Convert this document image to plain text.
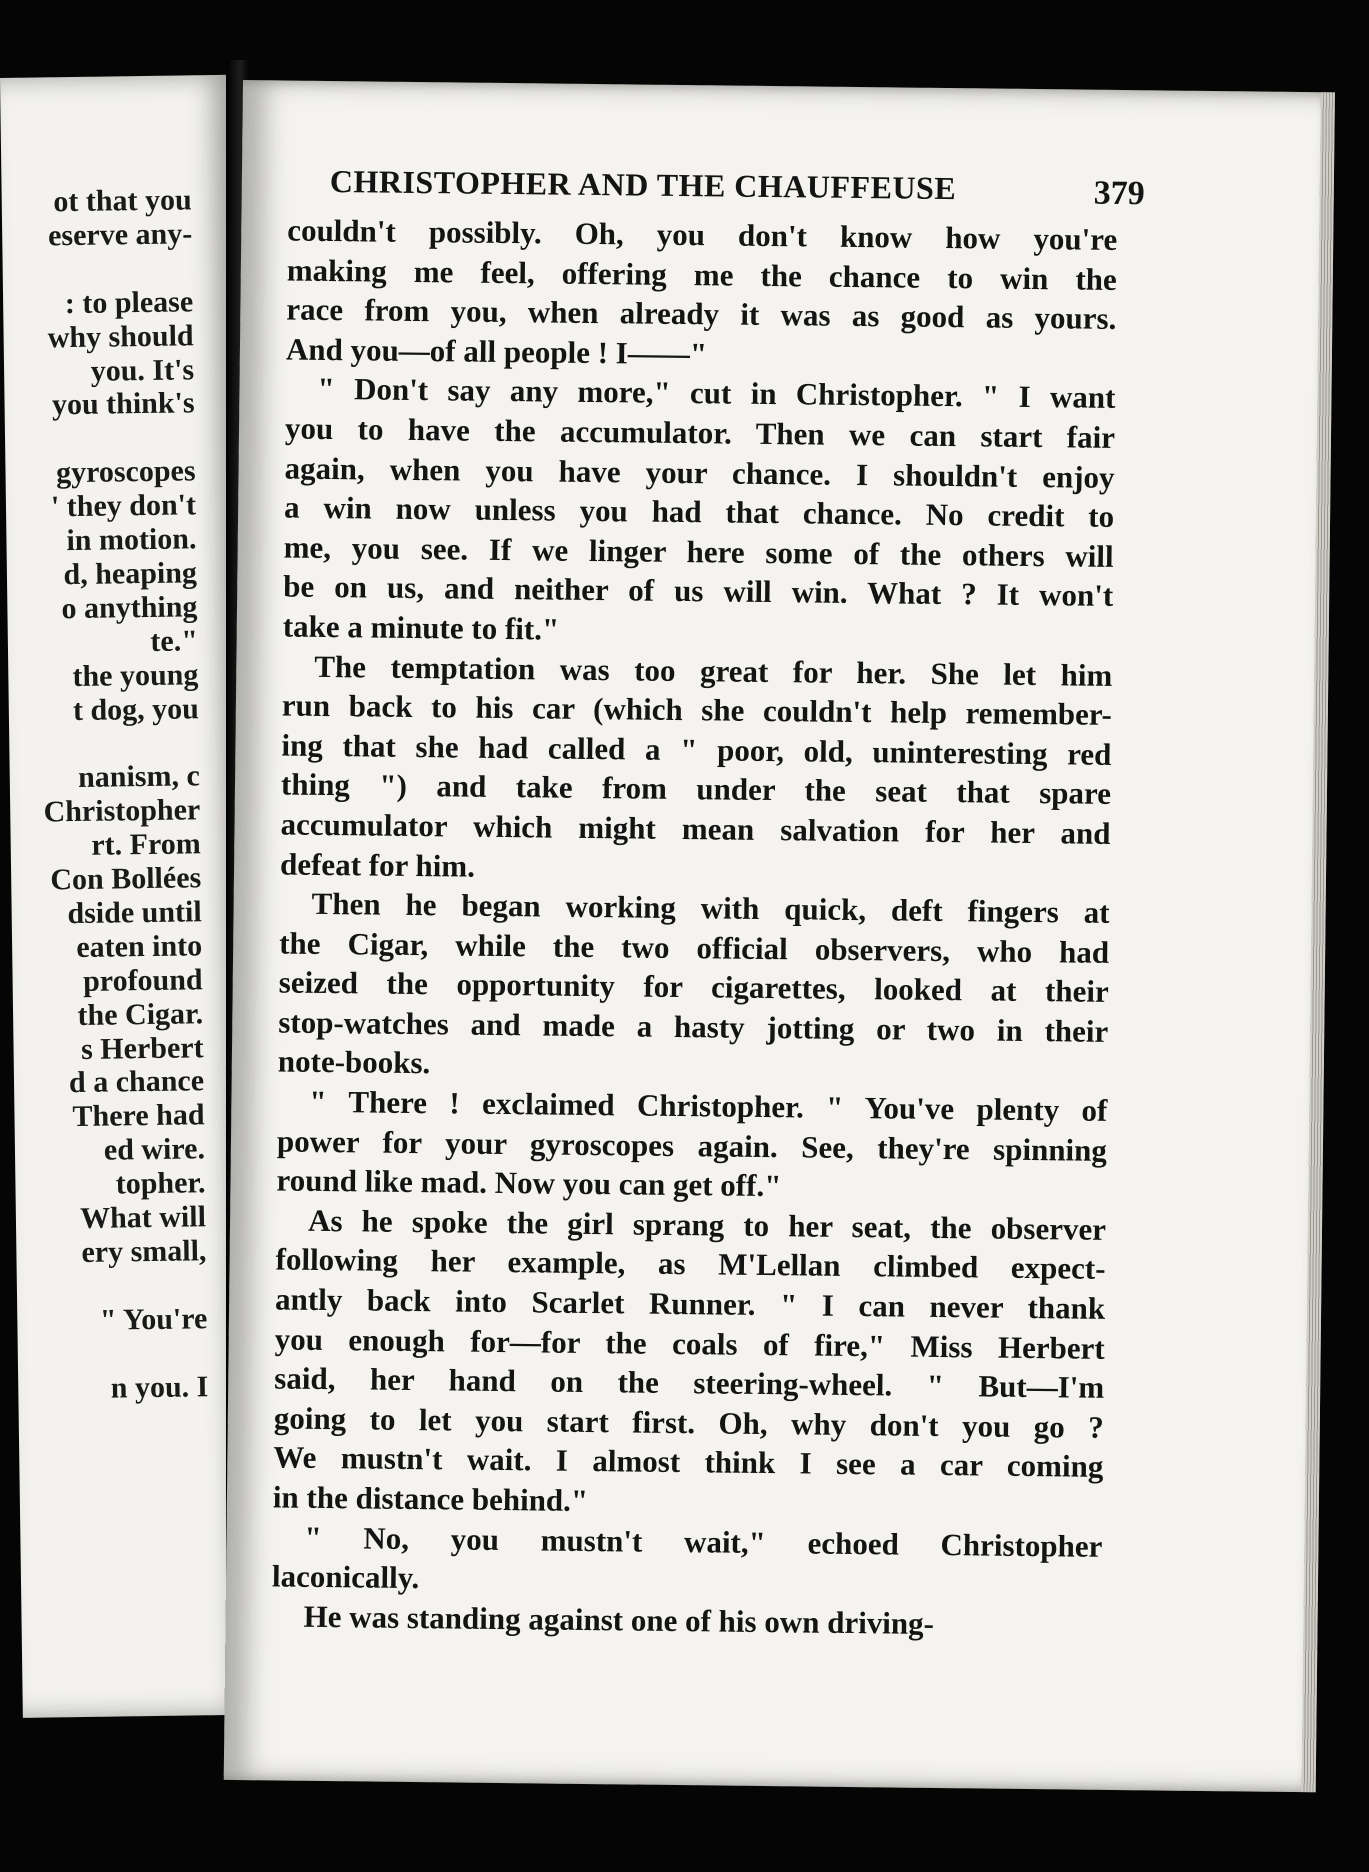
ot that you
eserve any-
: to please
why should
you. It's
you think's
gyroscopes
' they don't
in motion.
d, heaping
o anything
te."
the young
t dog, you
nanism, c
Christopher
rt. From
Con Bollées
dside until
eaten into
profound
the Cigar.
s Herbert
d a chance
There had
ed wire.
topher.
What will
ery small,
" You're
n you. I
CHRISTOPHER AND THE CHAUFFEUSE	379
couldn't possibly. Oh, you don't know how you're
making me feel, offering me the chance to win the
race from you, when already it was as good as yours.
And you—of all people ! I——"
" Don't say any more," cut in Christopher. " I want
you to have the accumulator. Then we can start fair
again, when you have your chance. I shouldn't enjoy
a win now unless you had that chance. No credit to
me, you see. If we linger here some of the others will
be on us, and neither of us will win. What ? It won't
take a minute to fit."
The temptation was too great for her. She let him
run back to his car (which she couldn't help remember-
ing that she had called a " poor, old, uninteresting red
thing ") and take from under the seat that spare
accumulator which might mean salvation for her and
defeat for him.
Then he began working with quick, deft fingers at
the Cigar, while the two official observers, who had
seized the opportunity for cigarettes, looked at their
stop-watches and made a hasty jotting or two in their
note-books.
" There ! exclaimed Christopher. " You've plenty of
power for your gyroscopes again. See, they're spinning
round like mad. Now you can get off."
As he spoke the girl sprang to her seat, the observer
following her example, as M'Lellan climbed expect-
antly back into Scarlet Runner. " I can never thank
you enough for—for the coals of fire," Miss Herbert
said, her hand on the steering-wheel. " But—I'm
going to let you start first. Oh, why don't you go ?
We mustn't wait. I almost think I see a car coming
in the distance behind."
" No, you mustn't wait," echoed Christopher
laconically.
He was standing against one of his own driving-
